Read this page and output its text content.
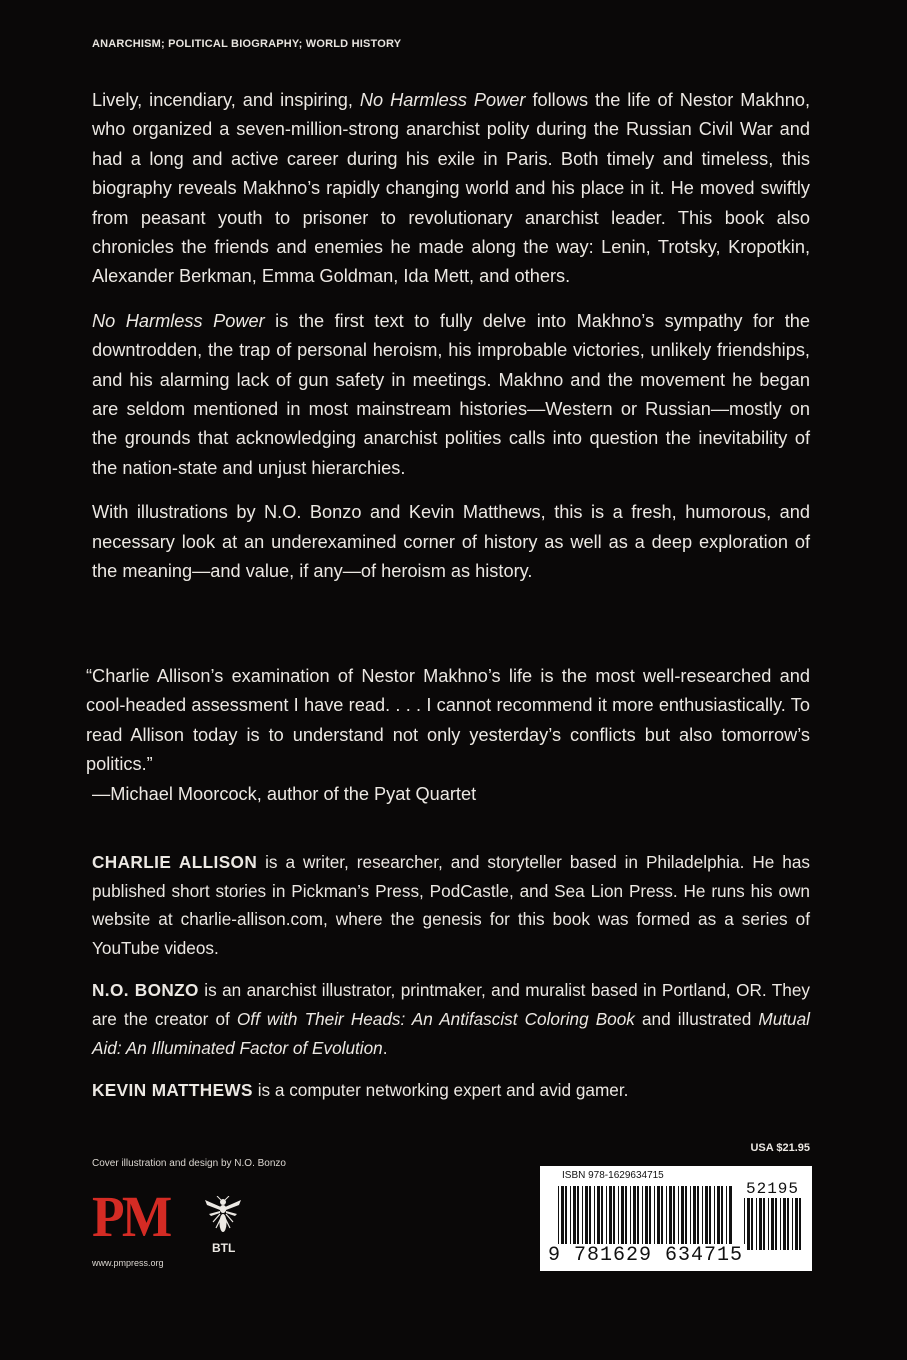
ANARCHISM; POLITICAL BIOGRAPHY; WORLD HISTORY

Lively, incendiary, and inspiring, No Harmless Power follows the life of Nestor Makhno, who organized a seven-million-strong anarchist polity during the Russian Civil War and had a long and active career during his exile in Paris. Both timely and timeless, this biography reveals Makhno’s rapidly changing world and his place in it. He moved swiftly from peasant youth to prisoner to revolutionary anarchist leader. This book also chronicles the friends and enemies he made along the way: Lenin, Trotsky, Kropotkin, Alexander Berkman, Emma Goldman, Ida Mett, and others.

No Harmless Power is the first text to fully delve into Makhno’s sympathy for the downtrodden, the trap of personal heroism, his improbable victories, unlikely friendships, and his alarming lack of gun safety in meetings. Makhno and the movement he began are seldom mentioned in most mainstream histories—Western or Russian—mostly on the grounds that acknowledging anarchist polities calls into question the inevitability of the nation-state and unjust hierarchies.

With illustrations by N.O. Bonzo and Kevin Matthews, this is a fresh, humorous, and necessary look at an underexamined corner of history as well as a deep exploration of the meaning—and value, if any—of heroism as history.

“Charlie Allison’s examination of Nestor Makhno’s life is the most well-researched and cool-headed assessment I have read. . . . I cannot recommend it more enthusiastically. To read Allison today is to understand not only yesterday’s conflicts but also tomorrow’s politics.”
—Michael Moorcock, author of the Pyat Quartet

CHARLIE ALLISON is a writer, researcher, and storyteller based in Philadelphia. He has published short stories in Pickman’s Press, PodCastle, and Sea Lion Press. He runs his own website at charlie-allison.com, where the genesis for this book was formed as a series of YouTube videos.

N.O. BONZO is an anarchist illustrator, printmaker, and muralist based in Portland, OR. They are the creator of Off with Their Heads: An Antifascist Coloring Book and illustrated Mutual Aid: An Illuminated Factor of Evolution.

KEVIN MATTHEWS is a computer networking expert and avid gamer.

Cover illustration and design by N.O. Bonzo
PM
www.pmpress.org
BTL
USA $21.95
ISBN 978-1629634715
52195
9 781629 634715
